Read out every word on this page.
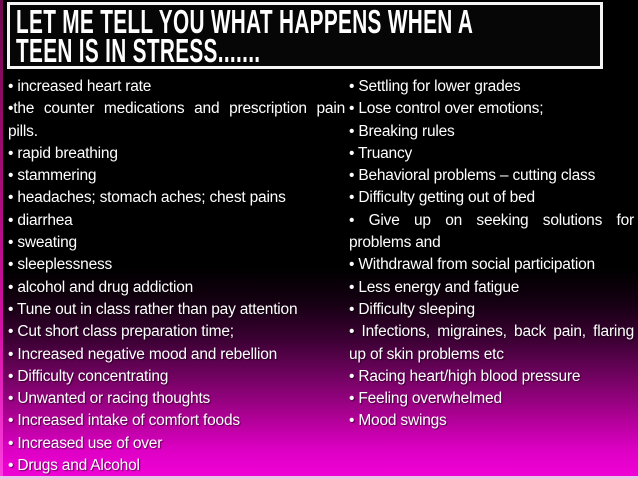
LET ME TELL YOU WHAT HAPPENS WHEN A
TEEN IS IN STRESS.......
• increased heart rate
•the counter medications and prescription pain pills.
• rapid breathing
• stammering
• headaches; stomach aches; chest pains
• diarrhea
• sweating
• sleeplessness
• alcohol and drug addiction
• Tune out in class rather than pay attention
• Cut short class preparation time;
• Increased negative mood and rebellion
• Difficulty concentrating
• Unwanted or racing thoughts
• Increased intake of comfort foods
• Increased use of over
• Drugs and Alcohol
• Settling for lower grades
• Lose control over emotions;
• Breaking rules
• Truancy
• Behavioral problems – cutting class
• Difficulty getting out of bed
• Give up on seeking solutions for problems and
• Withdrawal from social participation
• Less energy and fatigue
• Difficulty sleeping
• Infections, migraines, back pain, flaring up of skin problems etc
• Racing heart/high blood pressure
• Feeling overwhelmed
• Mood swings
